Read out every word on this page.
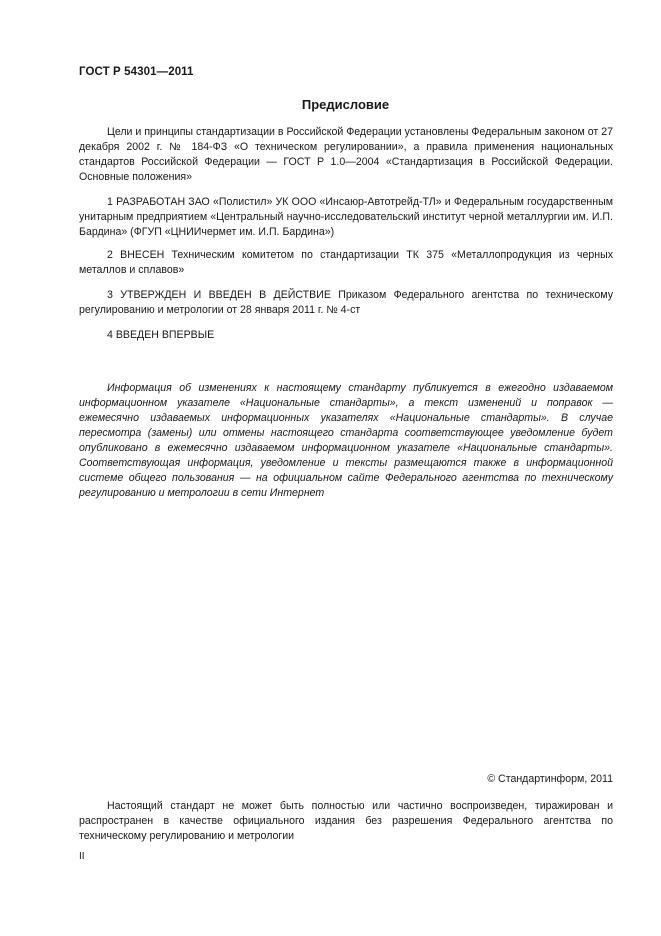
ГОСТ Р 54301—2011
Предисловие

Цели и принципы стандартизации в Российской Федерации установлены Федеральным законом от 27 декабря 2002 г. № 184-ФЗ «О техническом регулировании», а правила применения национальных стандартов Российской Федерации — ГОСТ Р 1.0—2004 «Стандартизация в Российской Федерации. Основные положения»

1 РАЗРАБОТАН ЗАО «Полистил» УК ООО «Инсаюр-Автотрейд-ТЛ» и Федеральным государственным унитарным предприятием «Центральный научно-исследовательский институт черной металлургии им. И.П. Бардина» (ФГУП «ЦНИИчермет им. И.П. Бардина»)

2 ВНЕСЕН Техническим комитетом по стандартизации ТК 375 «Металлопродукция из черных металлов и сплавов»

3 УТВЕРЖДЕН И ВВЕДЕН В ДЕЙСТВИЕ Приказом Федерального агентства по техническому регулированию и метрологии от 28 января 2011 г. № 4-ст

4 ВВЕДЕН ВПЕРВЫЕ

Информация об изменениях к настоящему стандарту публикуется в ежегодно издаваемом информационном указателе «Национальные стандарты», а текст изменений и поправок — ежемесячно издаваемых информационных указателях «Национальные стандарты». В случае пересмотра (замены) или отмены настоящего стандарта соответствующее уведомление будет опубликовано в ежемесячно издаваемом информационном указателе «Национальные стандарты». Соответствующая информация, уведомление и тексты размещаются также в информационной системе общего пользования — на официальном сайте Федерального агентства по техническому регулированию и метрологии в сети Интернет

© Стандартинформ, 2011

Настоящий стандарт не может быть полностью или частично воспроизведен, тиражирован и распространен в качестве официального издания без разрешения Федерального агентства по техническому регулированию и метрологии

II
